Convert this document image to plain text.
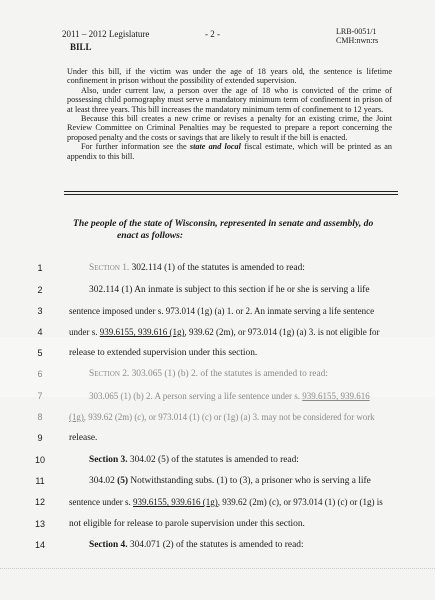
2011 – 2012 Legislature
BILL
- 2 -	LRB-0051/1
CMH:nwn:rs

Under this bill, if the victim was under the age of 18 years old, the sentence is lifetime confinement in prison without the possibility of extended supervision.

Also, under current law, a person over the age of 18 who is convicted of the crime of possessing child pornography must serve a mandatory minimum term of confinement in prison of at least three years. This bill increases the mandatory minimum term of confinement to 12 years.

Because this bill creates a new crime or revises a penalty for an existing crime, the Joint Review Committee on Criminal Penalties may be requested to prepare a report concerning the proposed penalty and the costs or savings that are likely to result if the bill is enacted.

For further information see the state and local fiscal estimate, which will be printed as an appendix to this bill.

The people of the state of Wisconsin, represented in senate and assembly, do
enact as follows:
1	Section 1. 302.114 (1) of the statutes is amended to read:
2	302.114 (1) An inmate is subject to this section if he or she is serving a life
3	sentence imposed under s. 973.014 (1g) (a) 1. or 2. An inmate serving a life sentence
4	under s. 939.6155, 939.616 (1g), 939.62 (2m), or 973.014 (1g) (a) 3. is not eligible for
5	release to extended supervision under this section.
6	Section 2. 303.065 (1) (b) 2. of the statutes is amended to read:
7	303.065 (1) (b) 2. A person serving a life sentence under s. 939.6155, 939.616
8	(1g), 939.62 (2m) (c), or 973.014 (1) (c) or (1g) (a) 3. may not be considered for work
9	release.
10	Section 3. 304.02 (5) of the statutes is amended to read:
11	304.02 (5) Notwithstanding subs. (1) to (3), a prisoner who is serving a life
12	sentence under s. 939.6155, 939.616 (1g), 939.62 (2m) (c), or 973.014 (1) (c) or (1g) is
13	not eligible for release to parole supervision under this section.
14	Section 4. 304.071 (2) of the statutes is amended to read:
